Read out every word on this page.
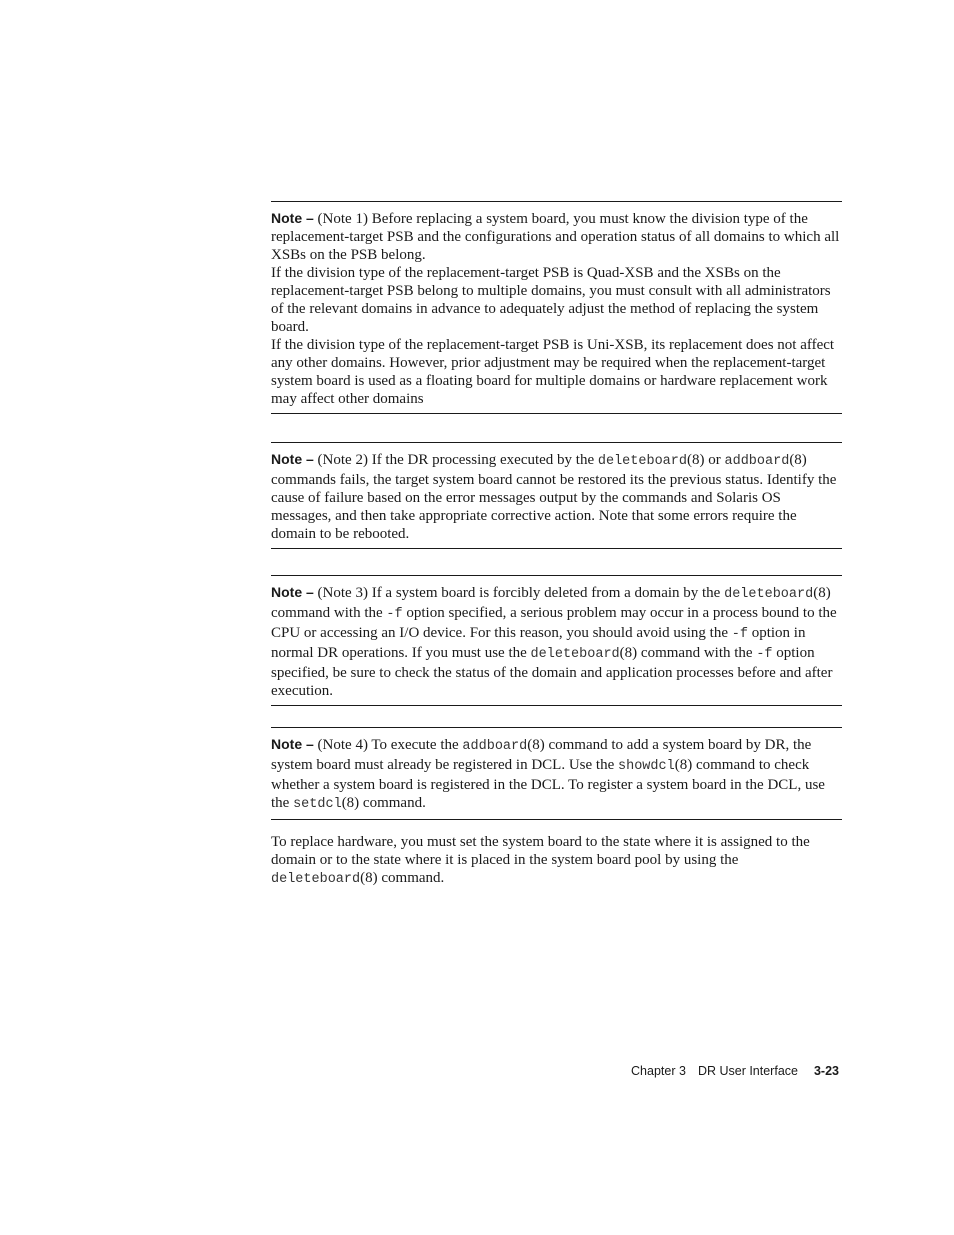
Note – (Note 1) Before replacing a system board, you must know the division type of the replacement-target PSB and the configurations and operation status of all domains to which all XSBs on the PSB belong.

If the division type of the replacement-target PSB is Quad-XSB and the XSBs on the replacement-target PSB belong to multiple domains, you must consult with all administrators of the relevant domains in advance to adequately adjust the method of replacing the system board.

If the division type of the replacement-target PSB is Uni-XSB, its replacement does not affect any other domains. However, prior adjustment may be required when the replacement-target system board is used as a floating board for multiple domains or hardware replacement work may affect other domains

Note – (Note 2) If the DR processing executed by the deleteboard(8) or addboard(8) commands fails, the target system board cannot be restored its the previous status. Identify the cause of failure based on the error messages output by the commands and Solaris OS messages, and then take appropriate corrective action. Note that some errors require the domain to be rebooted.

Note – (Note 3) If a system board is forcibly deleted from a domain by the deleteboard(8) command with the -f option specified, a serious problem may occur in a process bound to the CPU or accessing an I/O device. For this reason, you should avoid using the -f option in normal DR operations. If you must use the deleteboard(8) command with the -f option specified, be sure to check the status of the domain and application processes before and after execution.

Note – (Note 4) To execute the addboard(8) command to add a system board by DR, the system board must already be registered in DCL. Use the showdcl(8) command to check whether a system board is registered in the DCL. To register a system board in the DCL, use the setdcl(8) command.

To replace hardware, you must set the system board to the state where it is assigned to the domain or to the state where it is placed in the system board pool by using the deleteboard(8) command.

Chapter 3 DR User Interface 3-23
